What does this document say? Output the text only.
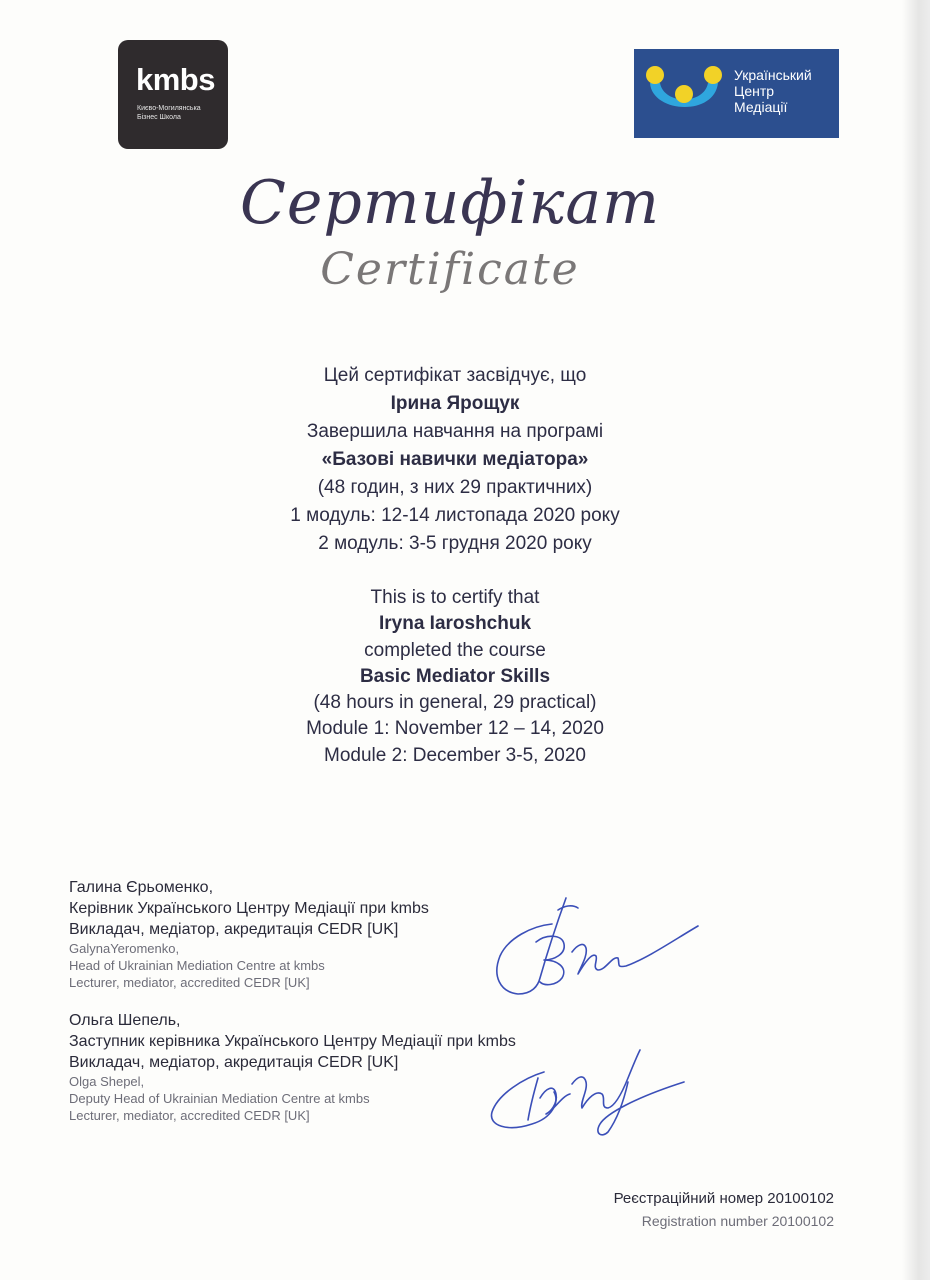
kmbs
Києво-Могилянська
Бізнес Школа
Український
Центр
Медіації
Сертифікат
Certificate
Цей сертифікат засвідчує, що
Ірина Ярощук
Завершила навчання на програмі
«Базові навички медіатора»
(48 годин, з них 29 практичних)
1 модуль: 12-14 листопада 2020 року
2 модуль: 3-5 грудня 2020 року
This is to certify that
Iryna Iaroshchuk
completed the course
Basic Mediator Skills
(48 hours in general, 29 practical)
Module 1: November 12 – 14, 2020
Module 2: December 3-5, 2020
Галина Єрьоменко,
Керівник Українського Центру Медіації при kmbs
Викладач, медіатор, акредитація CEDR [UK]
GalynaYeromenko,
Head of Ukrainian Mediation Centre at kmbs
Lecturer, mediator, accredited CEDR [UK]
Ольга Шепель,
Заступник керівника Українського Центру Медіації при kmbs
Викладач, медіатор, акредитація CEDR [UK]
Olga Shepel,
Deputy Head of Ukrainian Mediation Centre at kmbs
Lecturer, mediator, accredited CEDR [UK]
Реєстраційний номер 20100102
Registration number 20100102
